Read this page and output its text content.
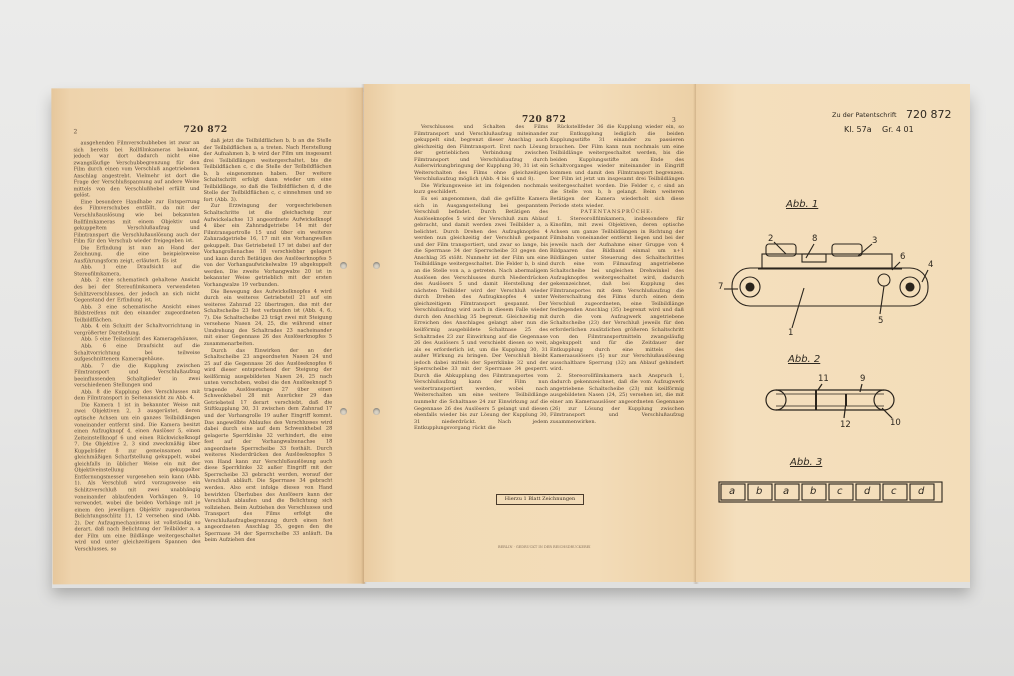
2	720 872

ausgehenden Filmverschubhebes ist zwar an sich bereits bei Rollfilmkameras bekannt, jedoch war dort dadurch nicht eine zwangsläufige Verschubbegrenzung für den Film durch einen vom Verschluß angetriebenen Anschlag angestrebt. Vielmehr ist dort die Frage der Verschlußspannung auf andere Weise mittels von den Verschlußhebel erfüllt und gelöst.

Eine besondere Handhabe zur Entsperrung des Filmverschubes entfällt, da mit der Verschlußauslösung wie bei bekannten Rollfilmkameras mit einem Objektiv und gekuppeltem Verschlußaufzug und Filmtransport die Verschlußauslösung auch der Film für den Verschub wieder freigegeben ist.

Die Erfindung ist nun an Hand der Zeichnung, die eine beispielsweise Ausführungsform zeigt, erläutert. Es ist

Abb. 1 eine Draufsicht auf die Stereofilmkamera,

Abb. 2 eine schematisch gehaltene Ansicht des bei der Stereofilmkamera verwendeten Schlitzverschlusses, der jedoch an sich nicht Gegenstand der Erfindung ist,

Abb. 3 eine schematische Ansicht eines Bildstreifens mit den einander zugeordneten Teilbildflächen.

Abb. 4 ein Schnitt der Schaltvorrichtung in vergrößerter Darstellung,

Abb. 5 eine Teilansicht des Kameragehäuses,

Abb. 6 eine Draufsicht auf die Schaltvorrichtung bei teilweise aufgeschnittenem Kameragehäuse.

Abb. 7 die die Kupplung zwischen Filmtransport und Verschlußaufzug beeinflussenden Schaltglieder in zwei verschiedenen Stellungen und

Abb. 8 die Kupplung des Verschlusses mit dem Filmtransport in Seitenansicht zu Abb. 4.

Die Kamera 1 ist in bekannter Weise mit zwei Objektiven 2, 3 ausgerüstet, deren optische Achsen um ein ganzes Teilbildlängen voneinander entfernt sind. Die Kamera besitzt einen Aufzugknopf 4, einen Auslöser 5, einen Zeiteinstellknopf 6 und einen Rückwickelknopf 7. Die Objektive 2, 3 sind zweckmäßig über Kuppelräder 8 zur gemeinsamen und gleichmäßigen Scharfstellung gekuppelt, wobei gleichfalls in üblicher Weise ein mit der Objektiveinstellung gekuppelter Entfernungsmesser vorgesehen sein kann (Abb. 1). Als Verschluß wird vorzugsweise ein Schlitzverschluß mit zwei unabhängig voneinander ablaufenden Vorhängen 9, 10 verwendet, wobei die beiden Vorhänge mit je einem den jeweiligen Objektiv zugeordneten Belichtungsschlitz 11, 12 versehen sind (Abb. 2). Der Aufzugmechanismus ist vollständig so derart, daß nach Belichtung der Teilbilder a, a der Film um eine Bildlänge weitergeschaltet wird und unter gleichzeitigem Spannen des Verschlusses, so

daß jetzt die Teilbildflächen b, b an die Stelle der Teilbildflächen a, a treten. Nach Herstellung der Aufnahmen b, b wird der Film um insgesamt drei Teilbildlängen weitergeschaltet, bis die Teilbildflächen c, c die Stelle der Teilbildflächen b, b eingenommen haben. Der weitere Schaltschritt erfolgt dann wieder um eine Teilbildlänge, so daß die Teilbildflächen d, d die Stelle der Teilbildflächen c, c einnehmen und so fort (Abb. 3).

Zur Erzwingung der vorgeschriebenen Schaltschritte ist die gleichachsig zur Aufwickelachse 13 angeordnete Aufwickelknopf 4 über ein Zahnradgetriebe 14 mit der Filmtransportrolle 15 und über ein weiteres Zahnradgetriebe 16, 17 mit ein Vorhangwellen gekuppelt. Das Getriebeteil 17 ist dabei auf der Vorhangrollenachse 18 verschiebbar gelagert und kann durch Betätigen des Auslöserknopfes 5 von der Vorhangaufwickelwalze 19 abgekuppelt werden. Die zweite Vorhangwalze 20 ist in bekannter Weise getrieblich mit der ersten Vorhangwalze 19 verbunden.

Die Bewegung des Aufwickelknopfes 4 wird durch ein weiteres Getriebeteil 21 auf ein weiteres Zahnrad 22 übertragen, das mit der Schaltscheibe 23 fest verbunden ist (Abb. 4, 6, 7). Die Schaltscheibe 23 trägt zwei mit Steigung versehene Nasen 24, 25, die während einer Umdrehung des Schaltrades 23 nacheinander mit einer Gegennase 26 des Auslöserknopfes 5 zusammenarbeiten.

Durch das Einwirken der an der Schaltscheibe 23 angeordneten Nasen 24 und 25 auf die Gegennase 26 des Auslöseknopfes 6 wird dieser entsprechend der Steigung der keilförmig ausgebildeten Nasen 24, 25 nach unten verschoben, wobei die den Auslöseknopf 5 tragende Auslösestange 27 über einen Schwenkhebel 28 mit Ausrücker 29 das Getriebeteil 17 derart verschiebt, daß die Stiftkupplung 30, 31 zwischen dem Zahnrad 17 und der Vorhangrolle 19 außer Eingriff kommt. Das angewölbte Ablaufes des Verschlusses wird dabei durch eine auf dem Schwenkhebel 28 gelagerte Sperrklinke 32 verhindert, die eine fest auf der Vorhangwalzenachse 18 angeordnete Sperrscheibe 33 festhält. Durch weiteres Niederdrücken des Auslöseknopfes 5 von Hand kann zur Verschlußauslösung auch diese Sperrklinke 32 außer Eingriff mit der Sperrscheibe 33 gebracht werden, worauf der Verschluß abläuft. Die Sperrnase 34 gebracht werden. Also erst infolge dieses von Hand bewirkten Überhubes des Auslösers kann der Verschluß ablaufen und die Belichtung sich vollziehen. Beim Aufziehen des Verschlusses und Transport des Films erfolgt die Verschlußaufzugbegrenzung durch einen fest angeordneten Anschlag 35, gegen den die Sperrnase 34 der Sperrscheibe 33 anläuft. Da beim Aufziehen des

720 872	3

Verschlusses und Schalten des Films Filmtransport und Verschlußaufzug miteinander gekuppelt sind, begrenzt dieser Anschlag auch gleichzeitig den Filmtransport. Erst nach Lösung der getrieblichen Verbindung zwischen Filmtransport und Verschlußaufzug durch Außerwirkungbringung der Kupplung 30, 31 ist ein Weiterschalten des Films ohne gleichzeitigen Verschlußaufzug möglich (Abb. 4 bis 6 und 8).

Die Wirkungsweise ist im folgenden nochmals kurz geschildert.

Es sei angenommen, daß die gefüllte Kamera sich in Ausgangsstellung bei gespanntem Verschluß befindet. Durch Betätigen des Auslöseknopfes 5 wird der Verschluß zum Ablauf gebracht, und damit werden zwei Teilbilder a, a belichtet. Durch Drehen des Aufzugknopfes 4 werden nun gleichzeitig der Verschluß gespannt und der Film transportiert, und zwar so lange, bis die Sperrnase 34 der Sperrscheibe 33 gegen den Anschlag 35 stößt. Nunmehr ist der Film um eine Teilbildlänge weitergeschaltet. Die Felder b, b sind an die Stelle von a, a getreten. Nach abermaligem Auslösen des Verschlusses durch Niederdrücken des Auslösers 5 und damit Herstellung der nächsten Teilbilder wird der Verschluß wieder durch Drehen des Aufzugknopfes 4 unter gleichzeitigem Filmtransport gespannt. Der Verschlußaufzug wird auch in diesem Falle wieder durch den Anschlag 35 begrenzt. Gleichzeitig mit Erreichen des Anschlages gelangt aber nun die keilförmig ausgebildete Schaltnase 25 des Schaltrades 23 zur Einwirkung auf die Gegennase 26 des Auslösers 5 und verschiebt diesen so weit, als es erforderlich ist, um die Kupplung 30, 31 außer Wirkung zu bringen. Der Verschluß bleibt jedoch dabei mittels der Sperrklinke 32 und der Sperrscheibe 33 mit der Sperrnase 34 gesperrt. Durch die Abkupplung des Filmtransportes vom Verschlußaufzug kann der Film nun weitertransportiert werden, wobei nach Weiterschalten um eine weitere Teilbildlänge nunmehr die Schaltnase 24 zur Einwirkung auf die Gegennase 26 des Auslösers 5 gelangt und diesen ebenfalls wieder bis zur Lösung der Kupplung 30, 31 niederdrückt. Nach jedem Entkupplungsvorgang rückt die

Rückstellfeder 36 die Kupplung wieder ein, so zur Entkupplung lediglich die beiden Kupplungsstifte 31 einander zu passieren brauchen. Der Film kann nun nochmals um eine Teilbildlänge weitergeschaltet werden, bis die beiden Kupplungsstifte am Ende des Schaltvorganges wieder miteinander in Eingriff kommen und damit den Filmtransport begrenzen. Der Film ist jetzt um insgesamt drei Teilbildlängen weitergeschaltet worden. Die Felder c, c sind an die Stelle von b, b gelangt. Beim weiteren Betätigen der Kamera wiederholt sich diese Periode stets wieder.

PATENTANSPRÜCHE:

1. Stereorollfilmkamera, insbesondere für Kinofilm, mit zwei Objektiven, deren optische Achsen um ganze Teilbildlängen in Richtung der Filmbahn voneinander entfernt liegen und bei der jeweils nach der Aufnahme einer Gruppe von 4 Bildpaaren das Bildband einmal um n+1 Bildlängen unter Steuerung des Schaltschrittes durch eine vom Filmaufzug angetriebene Schaltscheibe bei ungleichen Drehwinkel des Aufzugknopfes weitergeschaltet wird, dadurch gekennzeichnet, daß bei Kupplung des Filmtransportes mit dem Verschlußaufzug die Weiterschaltung des Films durch einen dem Verschluß zugeordneten, eine Teilbildlänge festlegenden Anschlag (35) begrenzt wird und daß durch die vom Aufzugwerk angetriebene Schaltscheibe (23) der Verschluß jeweils für den erforderlichen zusätzlichen größeren Schaltschritt von den Filmtransportmitteln zwangsläufig abgekuppelt und für die Zeitdauer der Entkupplung durch eine mittels des Kameraauslösers (5) nur zur Verschlußauslösung ausschaltbare Sperrung (32) am Ablauf gehindert wird.

2. Stereorollfilmkamera nach Anspruch 1, dadurch gekennzeichnet, daß die vom Aufzugwerk angetriebene Schaltscheibe (23) mit keilförmig ausgebildeten Nasen (24, 25) versehen ist, die mit einer am Kameraauslöser angeordneten Gegennase (26) zur Lösung der Kupplung zwischen Filmtransport und Verschlußaufzug zusammenwirken.

Hierzu 1 Blatt Zeichnungen
BERLIN · GEDRUCKT IN DER REICHSDRUCKEREI
Zu der Patentschrift 720 872
Kl. 57a Gr. 4 01
Abb. 1
Abb. 2
Abb. 3
7
2	8	3
6
4
1
5
11	9
12	10
a b a b c d c d
